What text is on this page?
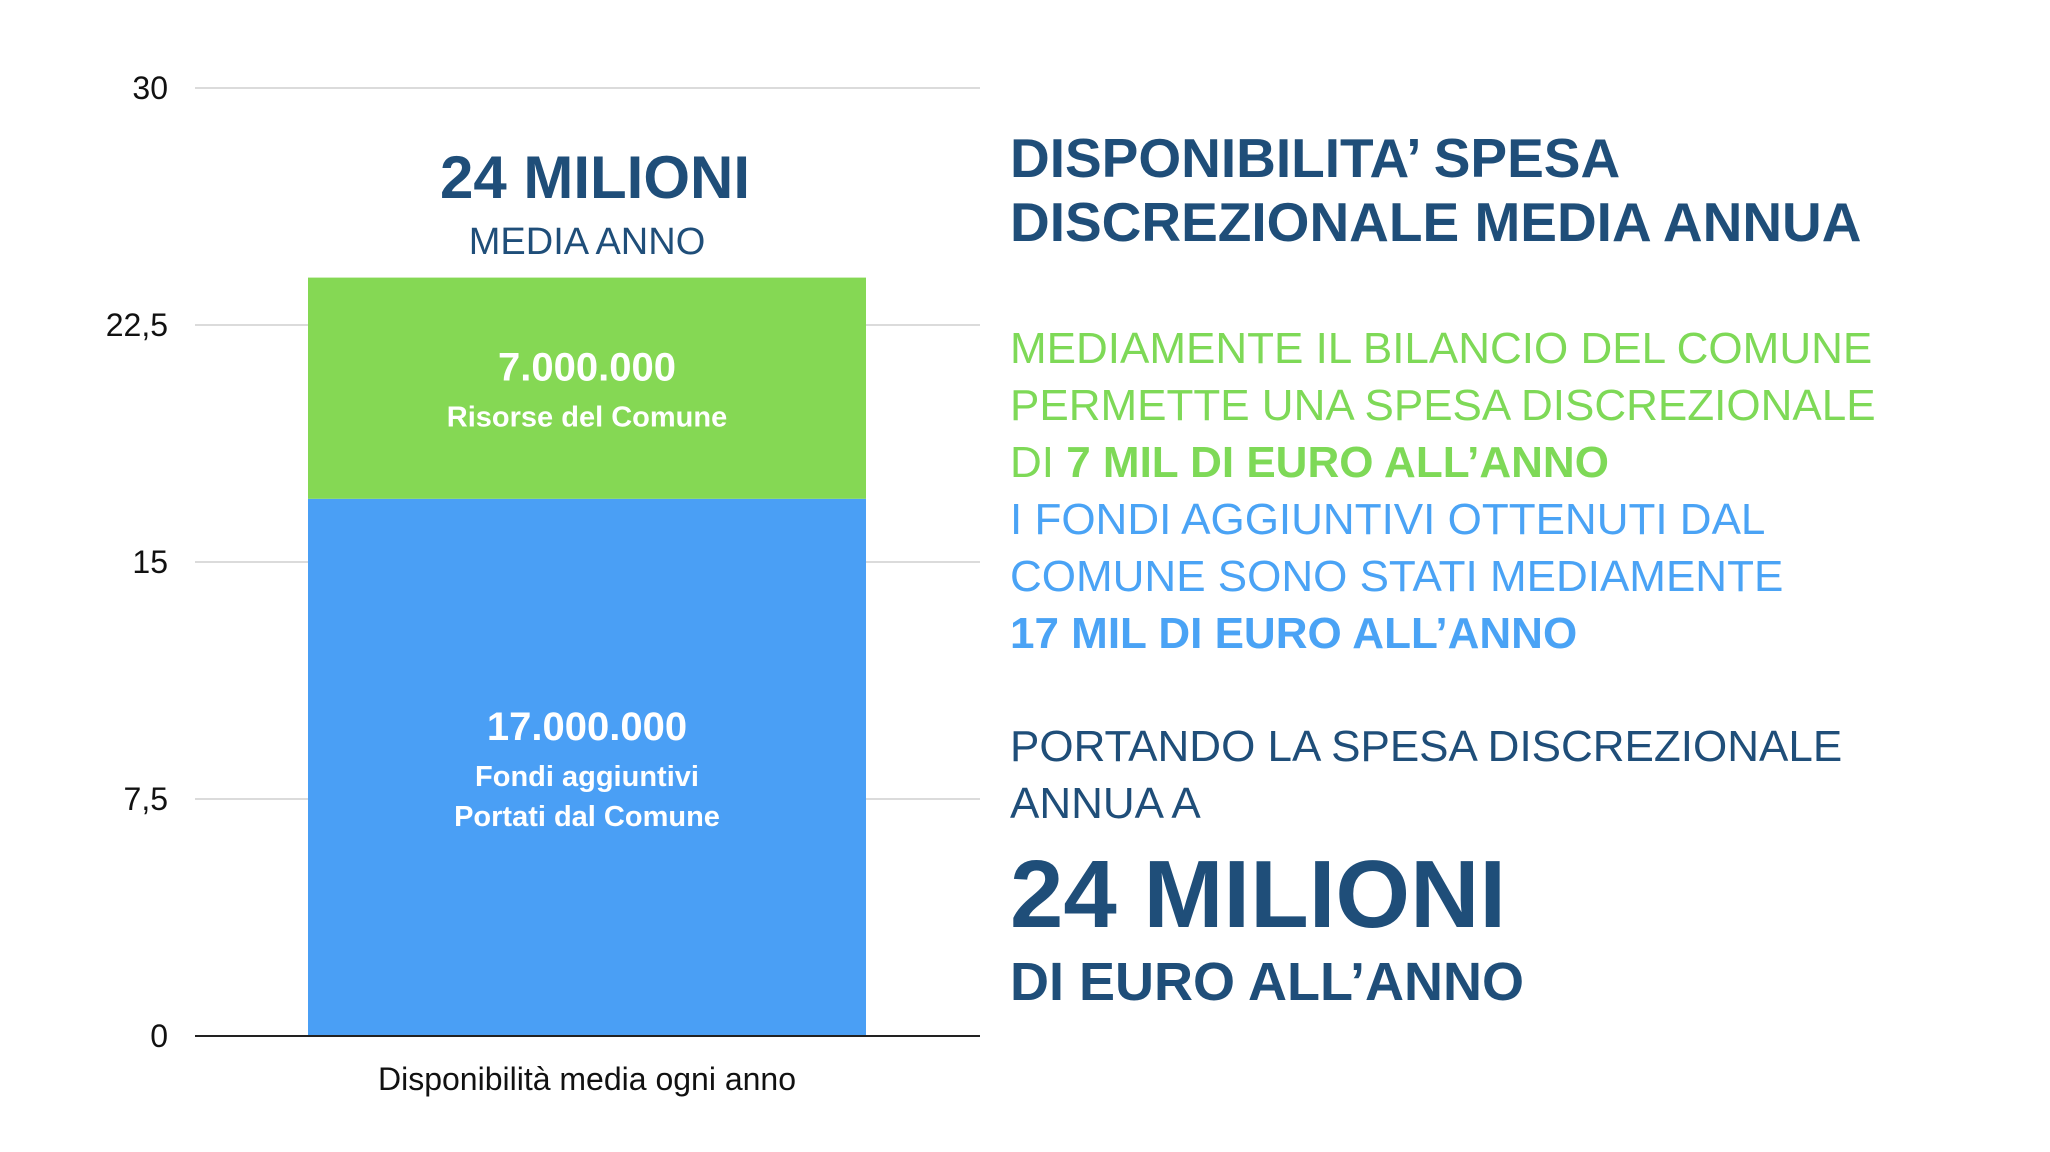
0
7,5
15
22,5
30
17.000.000
Fondi aggiuntivi
Portati dal Comune
7.000.000
Risorse del Comune
Disponibilità media ogni anno
24 MILIONI
MEDIA ANNO
DISPONIBILITA’ SPESA
DISCREZIONALE MEDIA ANNUA
MEDIAMENTE IL BILANCIO DEL COMUNE
PERMETTE UNA SPESA DISCREZIONALE
DI 7 MIL DI EURO ALL’ANNO
I FONDI AGGIUNTIVI OTTENUTI DAL
COMUNE SONO STATI MEDIAMENTE
17 MIL DI EURO ALL’ANNO
PORTANDO LA SPESA DISCREZIONALE
ANNUA A
24 MILIONI
DI EURO ALL’ANNO
